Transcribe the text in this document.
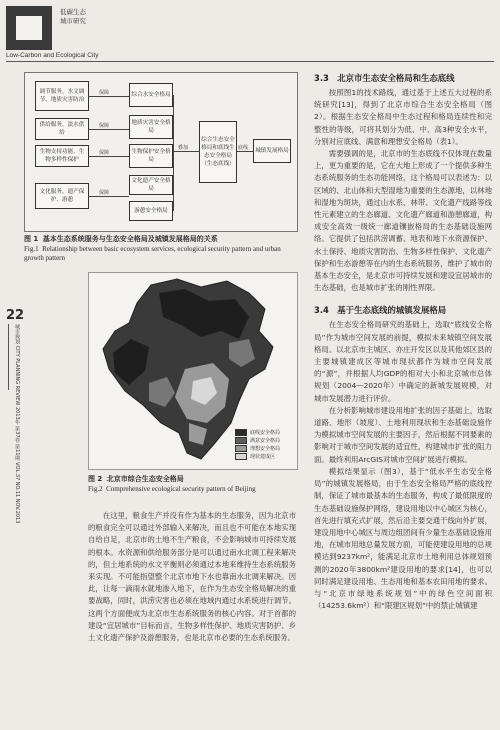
低碳生态
城市研究
Low-Carbon and Ecological City
调节服务，水文调节、地质灾害防治
供给服务，淡水供给
生物支持功能、生物多样性保护
文化服务，遗产保护、游憩
保障
保障
保障
保障
综合水安全格局
地质灾害安全格局
生物保护安全格局
文化遗产安全格局
游憩安全格局
叠加
综合生态安全格局和底线生态安全格局（生态底线）
底线	城镇发展格局
图 1 基本生态系统服务与生态安全格局及城镇发展格局的关系
Fig.1 Relationship between basic ecosystem services, ecological security pattern and urban growth pattern
22
城市规划 CITY PLANNING REVIEW 2013年 第37卷 第11期 VOL.37 NO.11 NOV.2013	底线安全格局
满意安全格局
理想安全格局
现状建成区
图 2 北京市综合生态安全格局
Fig.2 Comprehensive ecological security pattern of Beijing
在这里，粮食生产并没有作为基本的生态服务，因为北京市的粮食完全可以通过外部输入来解决，而且也不可能在本地实现自给自足，北京市的土地不生产粮食，不会影响城市可持续发展的根本。水资源和供给服务部分是可以通过南水北调工程来解决的，但土地系统的水文平衡则必须通过本地来维持生态系统服务来实现。不可能指望整个北京市地下水也靠南水北调来解决。因此，让每一滴雨水就地渗入地下，在作为生态安全格局解决的重要战略，同时，洪涝灾害也必须在地域内通过水系统进行调节。这两个方面便成为北京市生态系统服务的核心内容。对于首都的建设“宜居城市”目标而言，生物多样性保护、地质灾害防护、乡土文化遗产保护及游憩服务，也是北京市必要的生态系统服务。
3.3　北京市生态安全格局和生态底线
按照图1的技术路线，通过基于上述五大过程的系统研究[13]，得到了北京市综合生态安全格局（图2）。根据生态安全格局中生态过程和格局连续性和完整性的等级，可将其划分为低、中、高3种安全水平，分别对应底线、满意和理想安全格局（表1）。
需要强调的是，北京市的生态底线不仅体现在数量上，更为重要的是，它在大地上形成了一个提供多种生态系统服务的生态功能网络，这个格局可以表述为：以区域的、北山体和大型湿地为重要的生态源地，以林地和湿地为斑块，通过山水系、林带、文化遗产线路等线性元素建立的生态廊道、文化遗产廊道和游憩廊道，构成安全高效一级统一廊道镶嵌格局的生态基础设施网络。它提供了包括洪涝调蓄、地表和地下水资源保护、水土保持、地质灾害防治、生物多样性保护、文化遗产保护和生态游憩等在内的生态系统服务，维护了城市的基本生态安全，是北京市可持续发展和建设宜居城市的生态基础，也是城市扩张的刚性界限。
3.4　基于生态底线的城镇发展格局
在生态安全格局研究的基础上，选取“底线安全格局”作为城市空间发展的前提，模拟未来城镇空间发展格局。以北京市主城区、亦庄开发区以及其他郊区县的主要城镇建成区等城市现状都作为城市空间发展的“源”，并根据人均GDP的相对大小和北京城市总体规划（2004—2020年）中确定的新城发展规模，对城市发展潜力进行评价。
在分析影响城市建设用地扩张的因子基础上，选取道路、地形（坡度）、土地利用现状和生态基础设施作为模拟城市空间发展的主要因子，然后根据不同要素的影响对于城市空间发展的适宜性，构建城市扩张的阻力面。最终利用ArcGIS对城市空间扩展进行模拟。
模拟结果显示（图3），基于“低水平生态安全格局”的城镇发展格局，由于生态安全格局严格的底线控制，保证了城市最基本的生态服务，构成了最低限度的生态基础设施保护网络，建设用地以中心城区为核心，首先进行填充式扩展，然后沿主要交通干线向外扩展，建设用地中心城区与周边组团间有少量生态基础设施用地，在城市用地总量发展方面，可能使建设用地的总规模达到9237km²，能满足北京市土地利用总体规划预测的2020年3800km²建设用地的要求[14]，也可以同时满足建设用地、生态用地和基本农田用地的要求。与“北京市绿地系统规划”中的绿色空间面积（14253.6km²）和“限建区规划”中的禁止城镇建
